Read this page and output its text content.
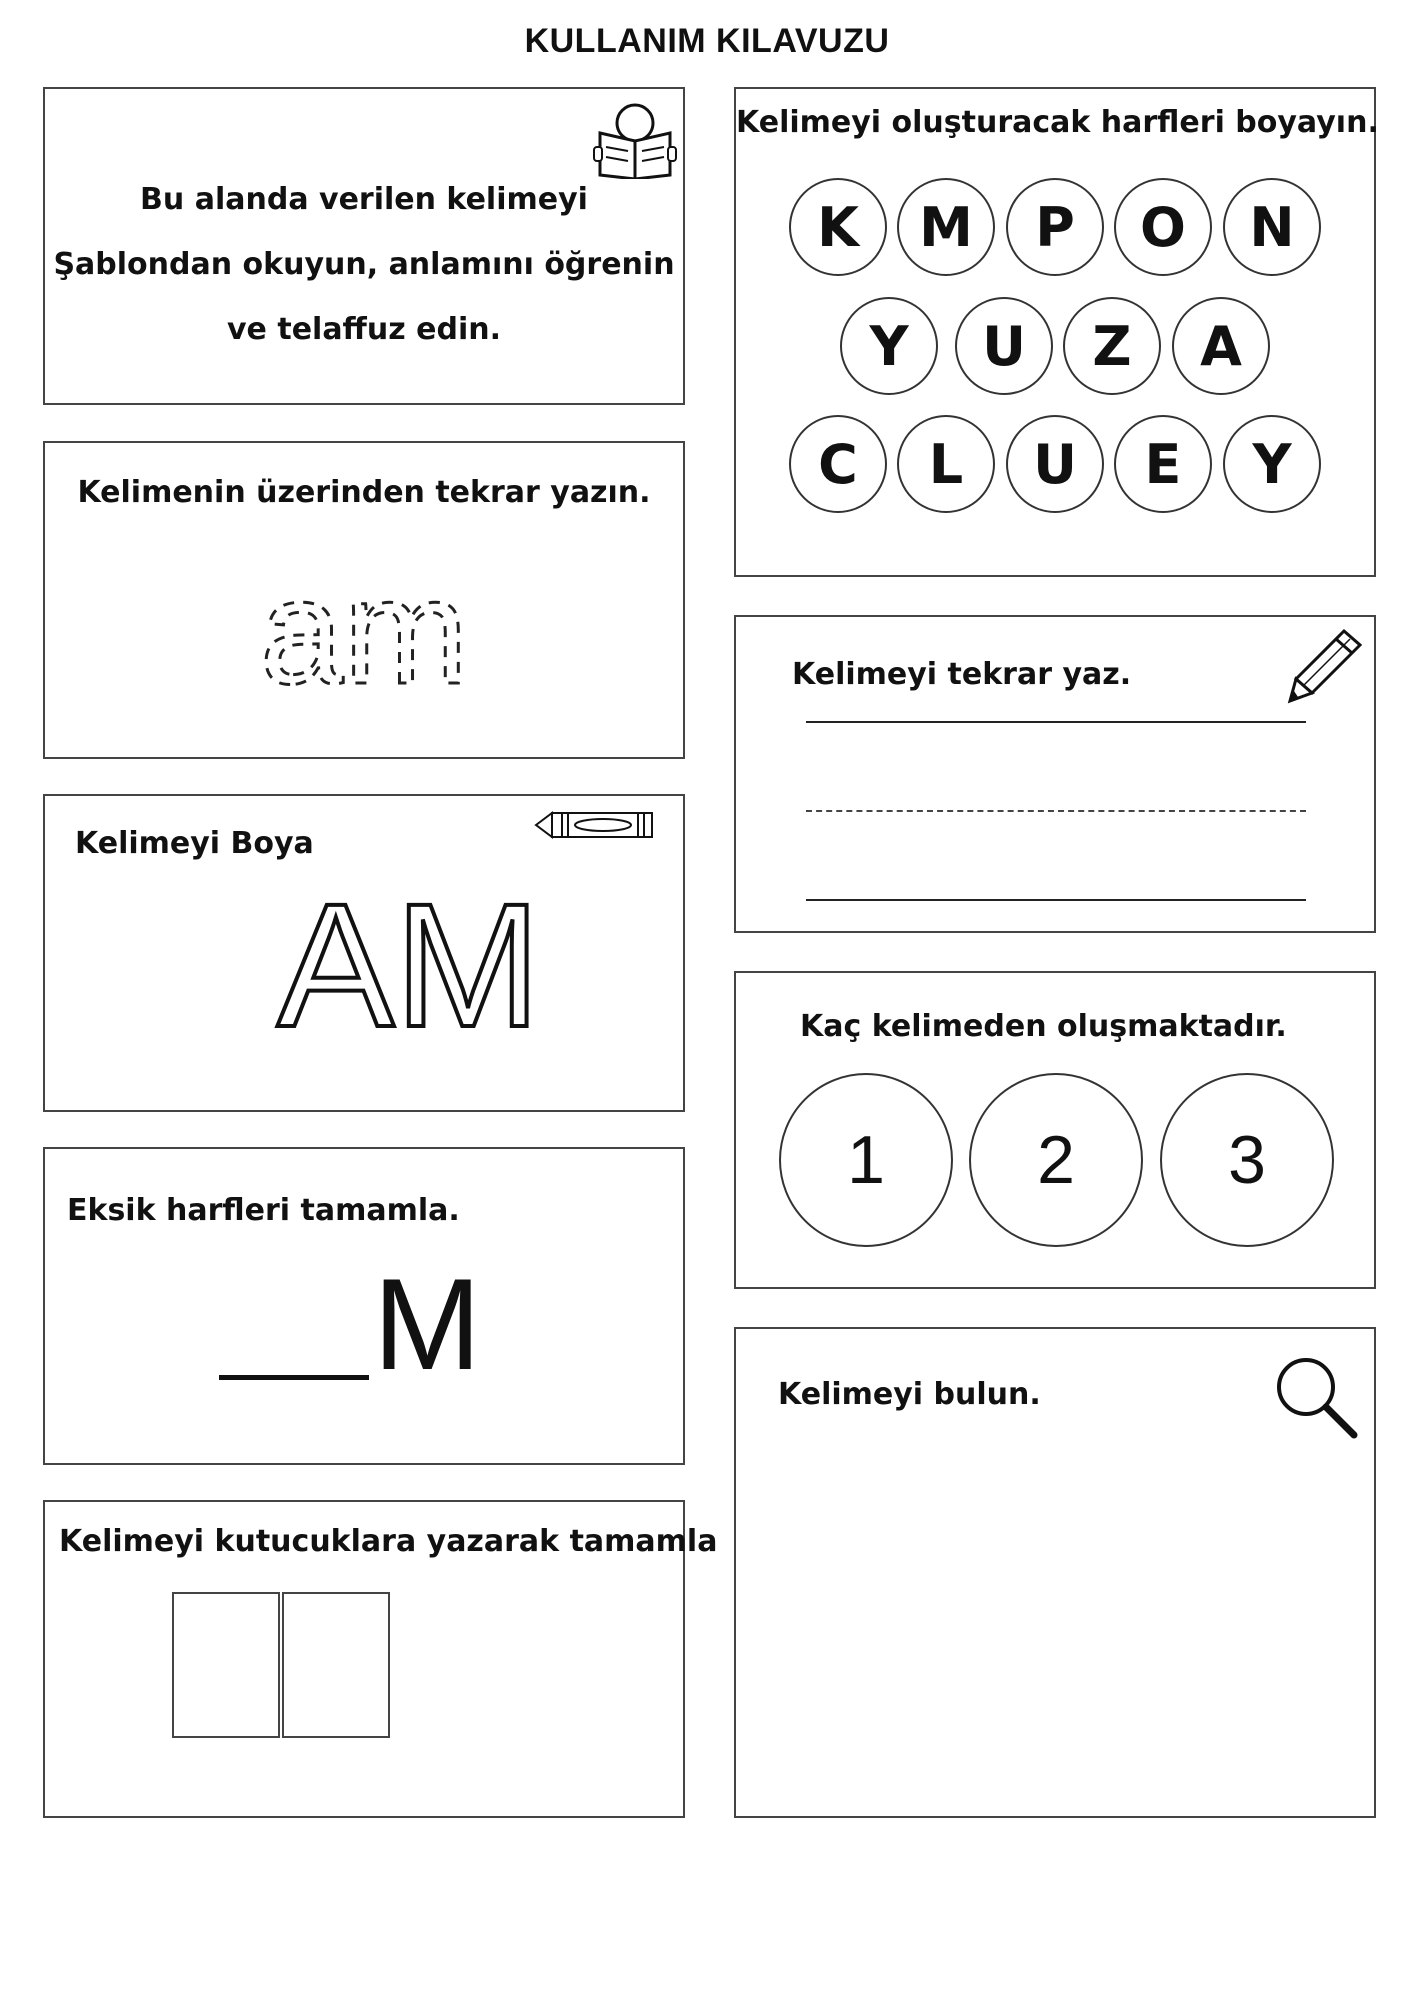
KULLANIM KILAVUZU
Bu alanda verilen kelimeyi
Şablondan okuyun, anlamını öğrenin
ve telaffuz edin.
Kelimenin üzerinden tekrar yazın.
am
Kelimeyi Boya
AM
Eksik harfleri tamamla.
M
Kelimeyi kutucuklara yazarak tamamla
Kelimeyi oluşturacak harfleri boyayın.
K	M	P	O	N
Y	U	Z	A
C	L	U	E	Y
Kelimeyi tekrar yaz.
Kaç kelimeden oluşmaktadır.
1	2	3
Kelimeyi bulun.
